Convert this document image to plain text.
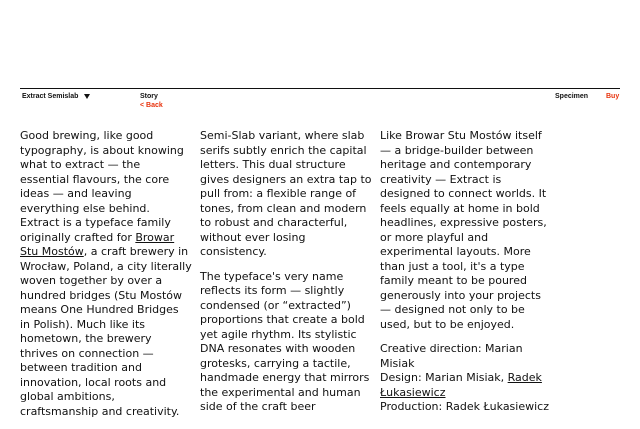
Extract Semislab	Story
< Back
Specimen	Buy

Good brewing, like good typography, is about knowing what to extract — the essential flavours, the core ideas — and leaving everything else behind. Extract is a typeface family originally crafted for Browar Stu Mostów, a craft brewery in Wrocław, Poland, a city literally woven together by over a hundred bridges (Stu Mostów means One Hundred Bridges in Polish). Much like its hometown, the brewery thrives on connection — between tradition and innovation, local roots and global ambitions, craftsmanship and creativity.

Semi-Slab variant, where slab serifs subtly enrich the capital letters. This dual structure gives designers an extra tap to pull from: a flexible range of tones, from clean and modern to robust and characterful, without ever losing consistency.

The typeface's very name reflects its form — slightly condensed (or “extracted”) proportions that create a bold yet agile rhythm. Its stylistic DNA resonates with wooden grotesks, carrying a tactile, handmade energy that mirrors the experimental and human side of the craft beer

Like Browar Stu Mostów itself — a bridge-builder between heritage and contemporary creativity — Extract is designed to connect worlds. It feels equally at home in bold headlines, expressive posters, or more playful and experimental layouts. More than just a tool, it's a type family meant to be poured generously into your projects — designed not only to be used, but to be enjoyed.

Creative direction: Marian Misiak
Design: Marian Misiak, Radek Łukasiewicz
Production: Radek Łukasiewicz
